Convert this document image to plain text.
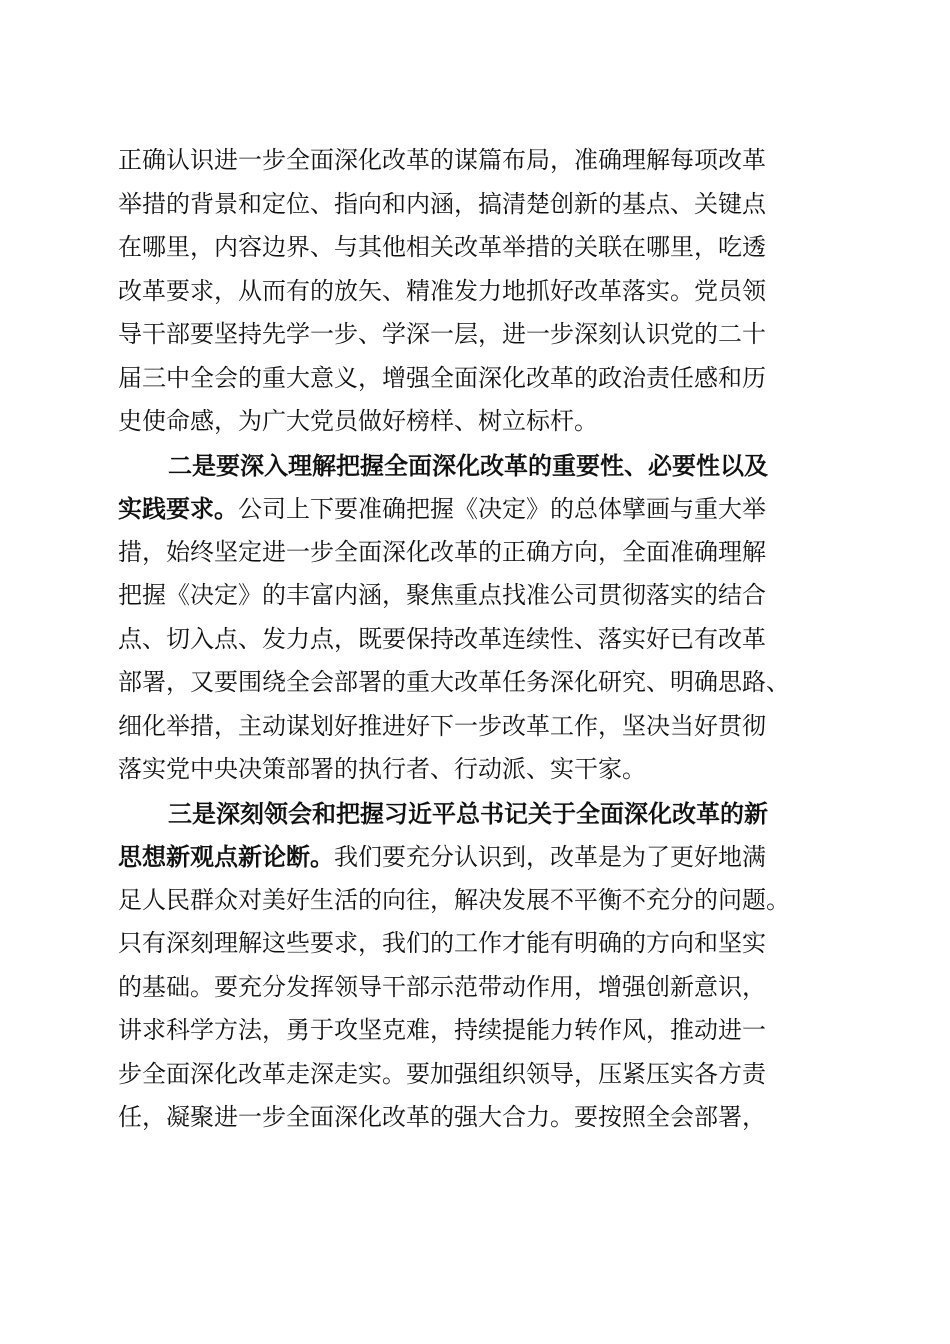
正确认识进一步全面深化改革的谋篇布局，准确理解每项改革
举措的背景和定位、指向和内涵，搞清楚创新的基点、关键点
在哪里，内容边界、与其他相关改革举措的关联在哪里，吃透
改革要求，从而有的放矢、精准发力地抓好改革落实。党员领
导干部要坚持先学一步、学深一层，进一步深刻认识党的二十
届三中全会的重大意义，增强全面深化改革的政治责任感和历
史使命感，为广大党员做好榜样、树立标杆。
二是要深入理解把握全面深化改革的重要性、必要性以及
实践要求。公司上下要准确把握《决定》的总体擘画与重大举
措，始终坚定进一步全面深化改革的正确方向，全面准确理解
把握《决定》的丰富内涵，聚焦重点找准公司贯彻落实的结合
点、切入点、发力点，既要保持改革连续性、落实好已有改革
部署，又要围绕全会部署的重大改革任务深化研究、明确思路、
细化举措，主动谋划好推进好下一步改革工作，坚决当好贯彻
落实党中央决策部署的执行者、行动派、实干家。
三是深刻领会和把握习近平总书记关于全面深化改革的新
思想新观点新论断。我们要充分认识到，改革是为了更好地满
足人民群众对美好生活的向往，解决发展不平衡不充分的问题。
只有深刻理解这些要求，我们的工作才能有明确的方向和坚实
的基础。要充分发挥领导干部示范带动作用，增强创新意识，
讲求科学方法，勇于攻坚克难，持续提能力转作风，推动进一
步全面深化改革走深走实。要加强组织领导，压紧压实各方责
任，凝聚进一步全面深化改革的强大合力。要按照全会部署，
